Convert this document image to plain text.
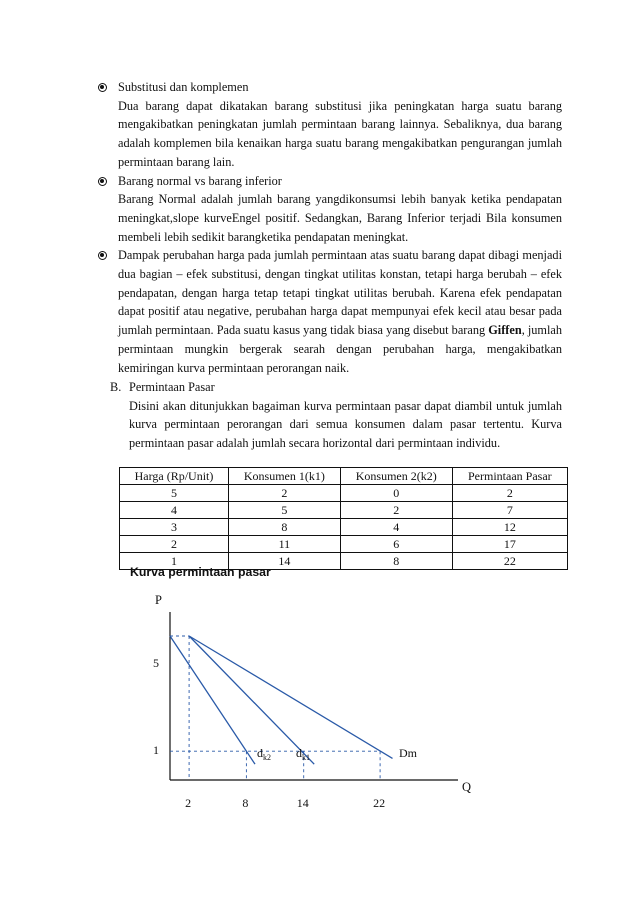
Substitusi dan komplemen
Dua barang dapat dikatakan barang substitusi jika peningkatan harga suatu barang mengakibatkan peningkatan jumlah permintaan barang lainnya. Sebaliknya, dua barang adalah komplemen bila kenaikan harga suatu barang mengakibatkan pengurangan jumlah permintaan barang lain.
Barang normal vs barang inferior
Barang Normal adalah jumlah barang yangdikonsumsi lebih banyak ketika pendapatan meningkat,slope kurveEngel positif. Sedangkan, Barang Inferior terjadi Bila konsumen membeli lebih sedikit barangketika pendapatan meningkat.
Dampak perubahan harga pada jumlah permintaan atas suatu barang dapat dibagi menjadi dua bagian – efek substitusi, dengan tingkat utilitas konstan, tetapi harga berubah – efek pendapatan, dengan harga tetap tetapi tingkat utilitas berubah. Karena efek pendapatan dapat positif atau negative, perubahan harga dapat mempunyai efek kecil atau besar pada jumlah permintaan. Pada suatu kasus yang tidak biasa yang disebut barang Giffen, jumlah permintaan mungkin bergerak searah dengan perubahan harga, mengakibatkan kemiringan kurva permintaan perorangan naik.
B. Permintaan Pasar
Disini akan ditunjukkan bagaiman kurva permintaan pasar dapat diambil untuk jumlah kurva permintaan perorangan dari semua konsumen dalam pasar tertentu. Kurva permintaan pasar adalah jumlah secara horizontal dari permintaan individu.
Harga (Rp/Unit)	Konsumen 1(k1)	Konsumen 2(k2)	Permintaan Pasar
5	2	0	2
4	5	2	7
3	8	4	12
2	11	6	17
1	14	8	22
Kurva permintaan pasar
P
Q
$d_{k2}$ $d_{k1}$	Dm
5
1
2	8	14	22
